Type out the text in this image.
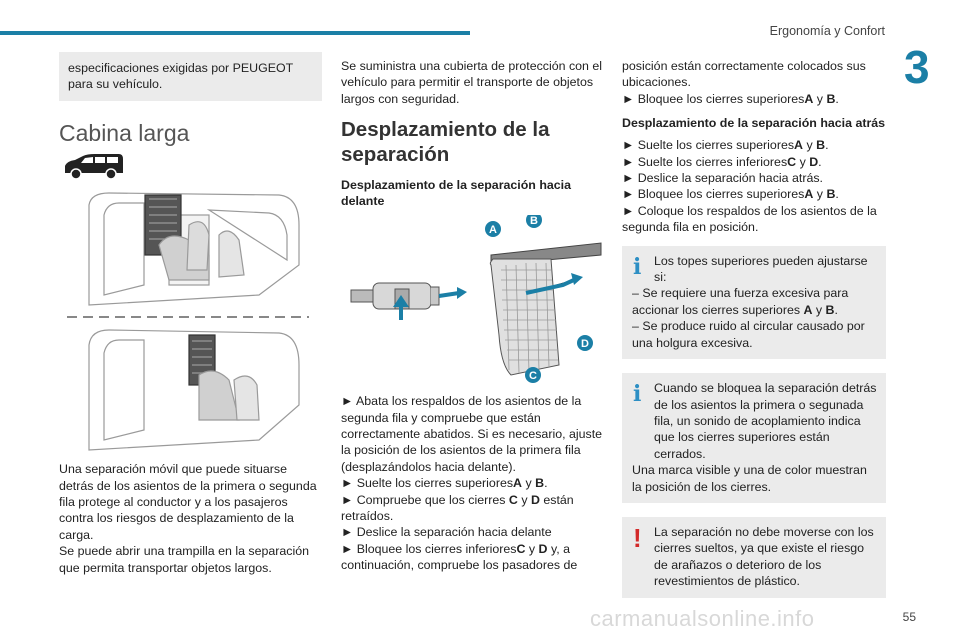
Ergonomía y Confort
3

especificaciones exigidas por PEUGEOT para su vehículo.

Cabina larga

Una separación móvil que puede situarse detrás de los asientos de la primera o segunda fila protege al conductor y a los pasajeros contra los riesgos de desplazamiento de la carga.

Se puede abrir una trampilla en la separación que permita transportar objetos largos.

Se suministra una cubierta de protección con el vehículo para permitir el transporte de objetos largos con seguridad.

Desplazamiento de la separación
Desplazamiento de la separación hacia delante
A
B
D
C

► Abata los respaldos de los asientos de la segunda fila y compruebe que están correctamente abatidos. Si es necesario, ajuste la posición de los asientos de la primera fila (desplazándolos hacia delante).

► Suelte los cierres superioresA y B.

► Compruebe que los cierres C y D están retraídos.

► Deslice la separación hacia delante

► Bloquee los cierres inferioresC y D y, a continuación, compruebe los pasadores de

posición están correctamente colocados sus ubicaciones.

► Bloquee los cierres superioresA y B.

Desplazamiento de la separación hacia atrás

► Suelte los cierres superioresA y B.

► Suelte los cierres inferioresC y D.

► Deslice la separación hacia atrás.

► Bloquee los cierres superioresA y B.

► Coloque los respaldos de los asientos de la segunda fila en posición.

i	Los topes superiores pueden ajustarse si:

– Se requiere una fuerza excesiva para accionar los cierres superiores A y B.

– Se produce ruido al circular causado por una holgura excesiva.

i	Cuando se bloquea la separación detrás de los asientos la primera o segunada fila, un sonido de acoplamiento indica que los cierres superiores están cerrados.

Una marca visible y una de color muestran la posición de los cierres.

! La separación no debe moverse con los cierres sueltos, ya que existe el riesgo de arañazos o deterioro de los revestimientos de plástico.

carmanualsonline.info	55
